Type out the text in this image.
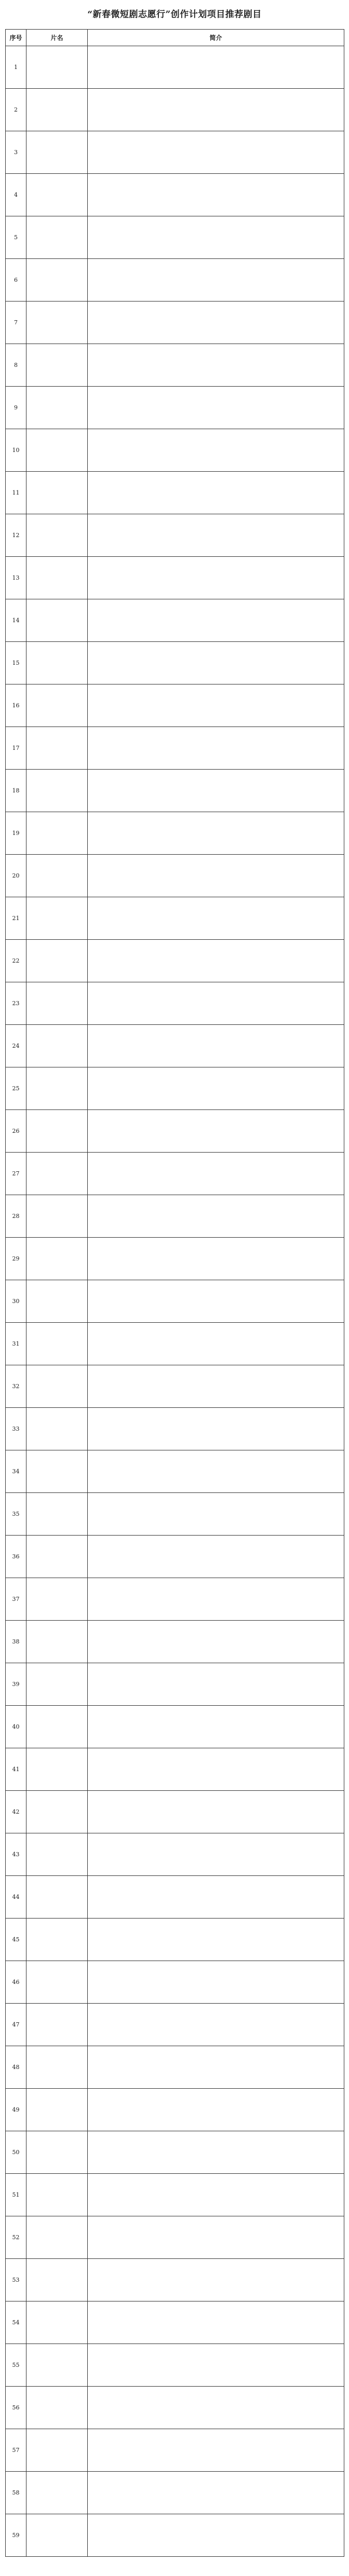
“新春微短剧志愿行”创作计划项目推荐剧目
序号	片名	简介
1		
2		
3		
4		
5		
6		
7		
8		
9		
10		
11		
12		
13		
14		
15		
16		
17		
18		
19		
20		
21		
22		
23		
24		
25		
26		
27		
28		
29		
30		
31		
32		
33		
34		
35		
36		
37		
38		
39		
40		
41		
42		
43		
44		
45		
46		
47		
48		
49		
50		
51		
52		
53		
54		
55		
56		
57		
58		
59		
